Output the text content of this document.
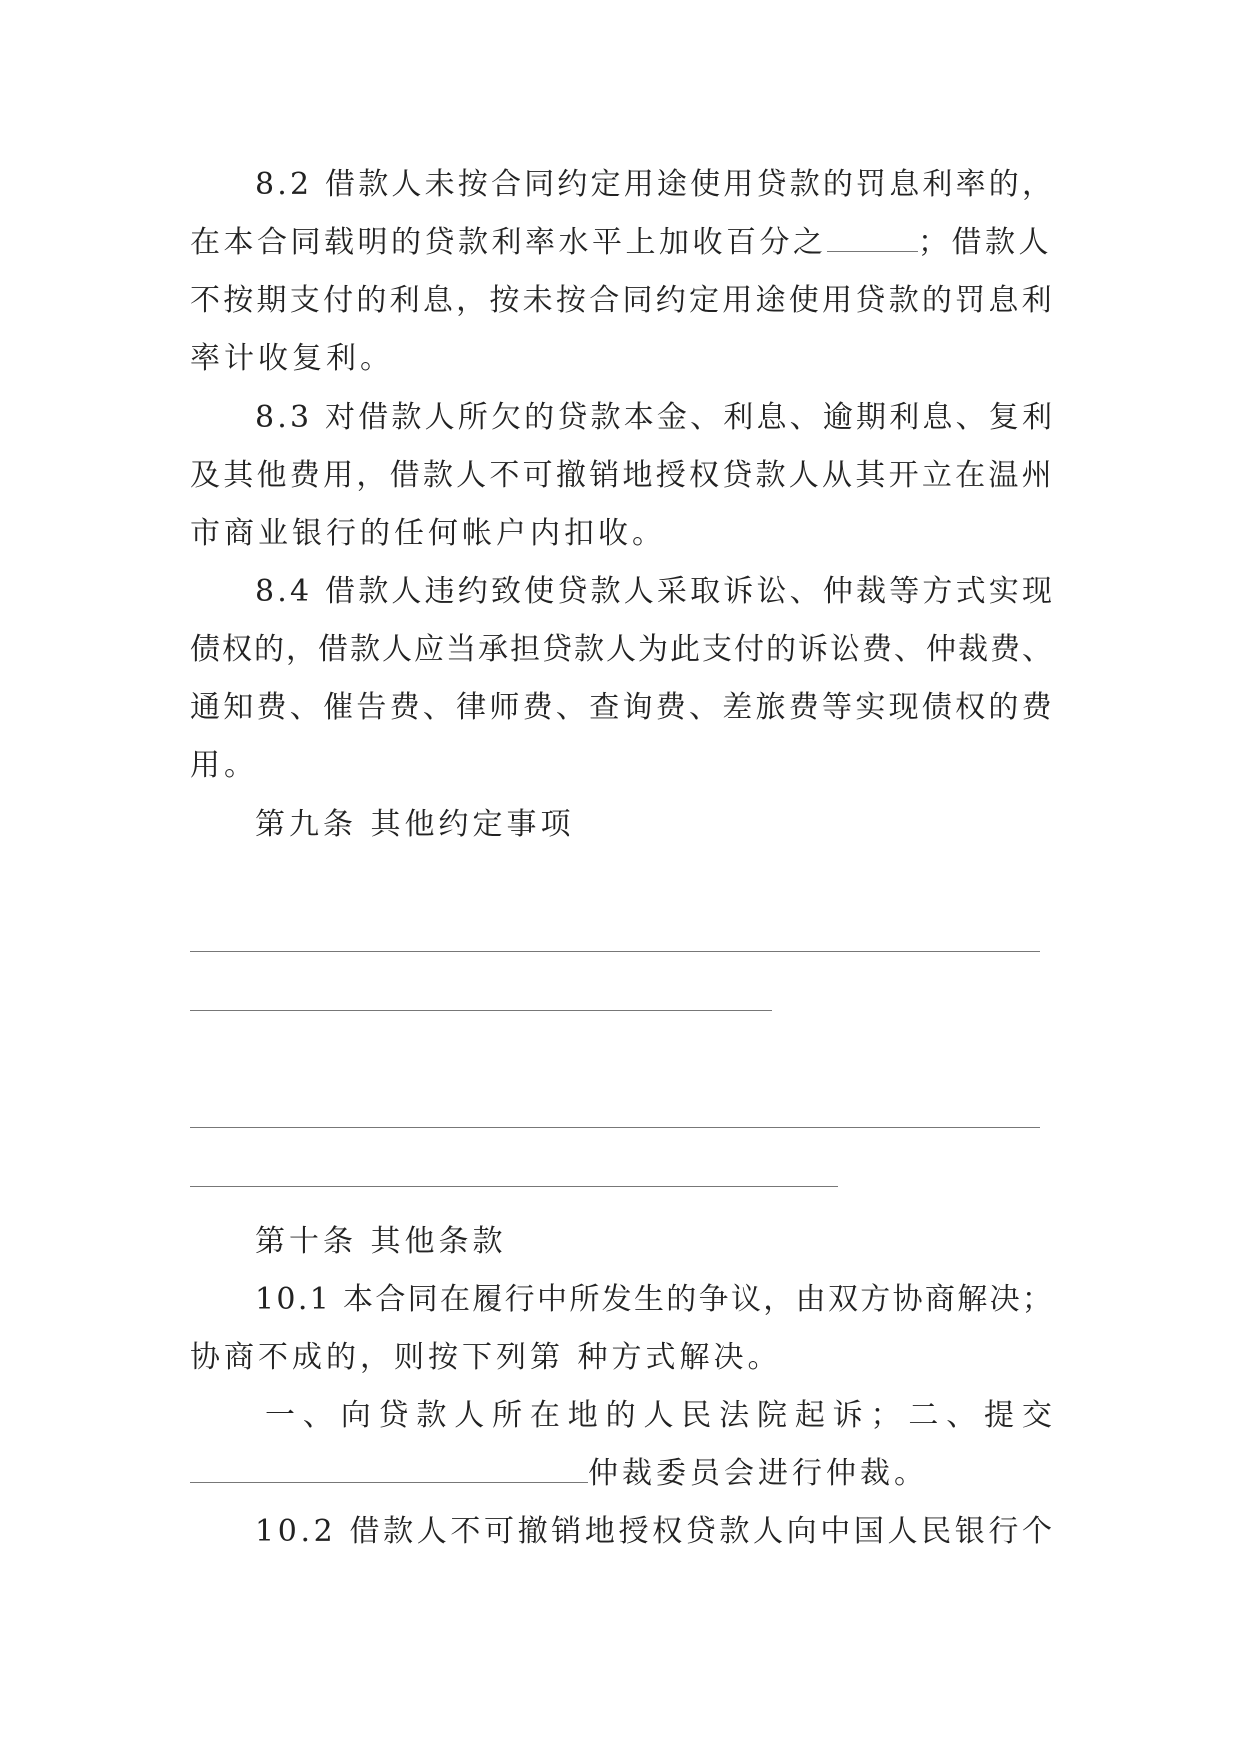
8 . 2
借 款 人 未 按 合 同 约 定 用 途 使 用 贷 款 的 罚 息 利 率 的 ，
在本合同载明的贷款利率水平上加收百分之	；借款人
不 按 期 支 付 的 利 息 ， 按 未 按 合 同 约 定 用 途 使 用 贷 款 的 罚 息 利
率计收复利。
8 . 3
对 借 款 人 所 欠 的 贷 款 本 金 、 利 息 、 逾 期 利 息 、 复 利
及 其 他 费 用 ， 借 款 人 不 可 撤 销 地 授 权 贷 款 人 从 其 开 立 在 温 州
市商业银行的任何帐户内扣收。
8 . 4
借 款 人 违 约 致 使 贷 款 人 采 取 诉 讼 、 仲 裁 等 方 式 实 现
债 权 的 ， 借 款 人 应 当 承 担 贷 款 人 为 此 支 付 的 诉 讼 费 、 仲 裁 费 、
通 知 费 、 催 告 费 、 律 师 费 、 查 询 费 、 差 旅 费 等 实 现 债 权 的 费
用。
第九条 其他约定事项
第十条 其他条款
1 0 . 1
本 合 同 在 履 行 中 所 发 生 的 争 议 ， 由 双 方 协 商 解 决 ；
协商不成的，则按下列第 种方式解决。
一 、 向 贷 款 人 所 在 地 的 人 民 法 院 起 诉 ； 二 、 提 交
仲裁委员会进行仲裁。
1 0 . 2
借 款 人 不 可 撤 销 地 授 权 贷 款 人 向 中 国 人 民 银 行 个
